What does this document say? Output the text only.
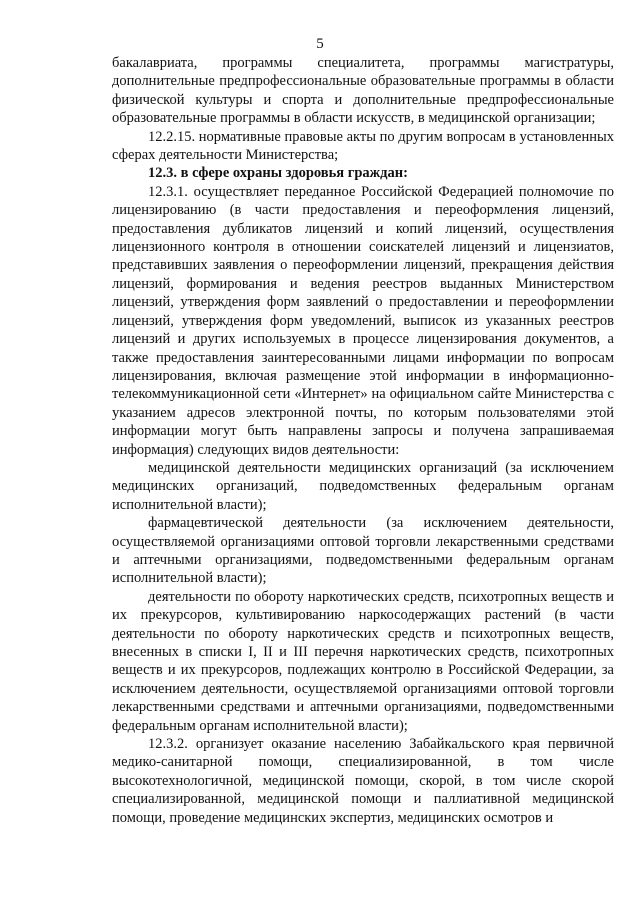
5

бакалавриата, программы специалитета, программы магистратуры, дополнительные предпрофессиональные образовательные программы в области физической культуры и спорта и дополнительные предпрофессиональные образовательные программы в области искусств, в медицинской организации;

12.2.15. нормативные правовые акты по другим вопросам в установленных сферах деятельности Министерства;

12.3. в сфере охраны здоровья граждан:

12.3.1. осуществляет переданное Российской Федерацией полномочие по лицензированию (в части предоставления и переоформления лицензий, предоставления дубликатов лицензий и копий лицензий, осуществления лицензионного контроля в отношении соискателей лицензий и лицензиатов, представивших заявления о переоформлении лицензий, прекращения действия лицензий, формирования и ведения реестров выданных Министерством лицензий, утверждения форм заявлений о предоставлении и переоформлении лицензий, утверждения форм уведомлений, выписок из указанных реестров лицензий и других используемых в процессе лицензирования документов, а также предоставления заинтересованными лицами информации по вопросам лицензирования, включая размещение этой информации в информационно-телекоммуникационной сети «Интернет» на официальном сайте Министерства с указанием адресов электронной почты, по которым пользователями этой информации могут быть направлены запросы и получена запрашиваемая информация) следующих видов деятельности:

медицинской деятельности медицинских организаций (за исключением медицинских организаций, подведомственных федеральным органам исполнительной власти);

фармацевтической деятельности (за исключением деятельности, осуществляемой организациями оптовой торговли лекарственными средствами и аптечными организациями, подведомственными федеральным органам исполнительной власти);

деятельности по обороту наркотических средств, психотропных веществ и их прекурсоров, культивированию наркосодержащих растений (в части деятельности по обороту наркотических средств и психотропных веществ, внесенных в списки I, II и III перечня наркотических средств, психотропных веществ и их прекурсоров, подлежащих контролю в Российской Федерации, за исключением деятельности, осуществляемой организациями оптовой торговли лекарственными средствами и аптечными организациями, подведомственными федеральным органам исполнительной власти);

12.3.2. организует оказание населению Забайкальского края первичной медико-санитарной помощи, специализированной, в том числе высокотехнологичной, медицинской помощи, скорой, в том числе скорой специализированной, медицинской помощи и паллиативной медицинской помощи, проведение медицинских экспертиз, медицинских осмотров и
